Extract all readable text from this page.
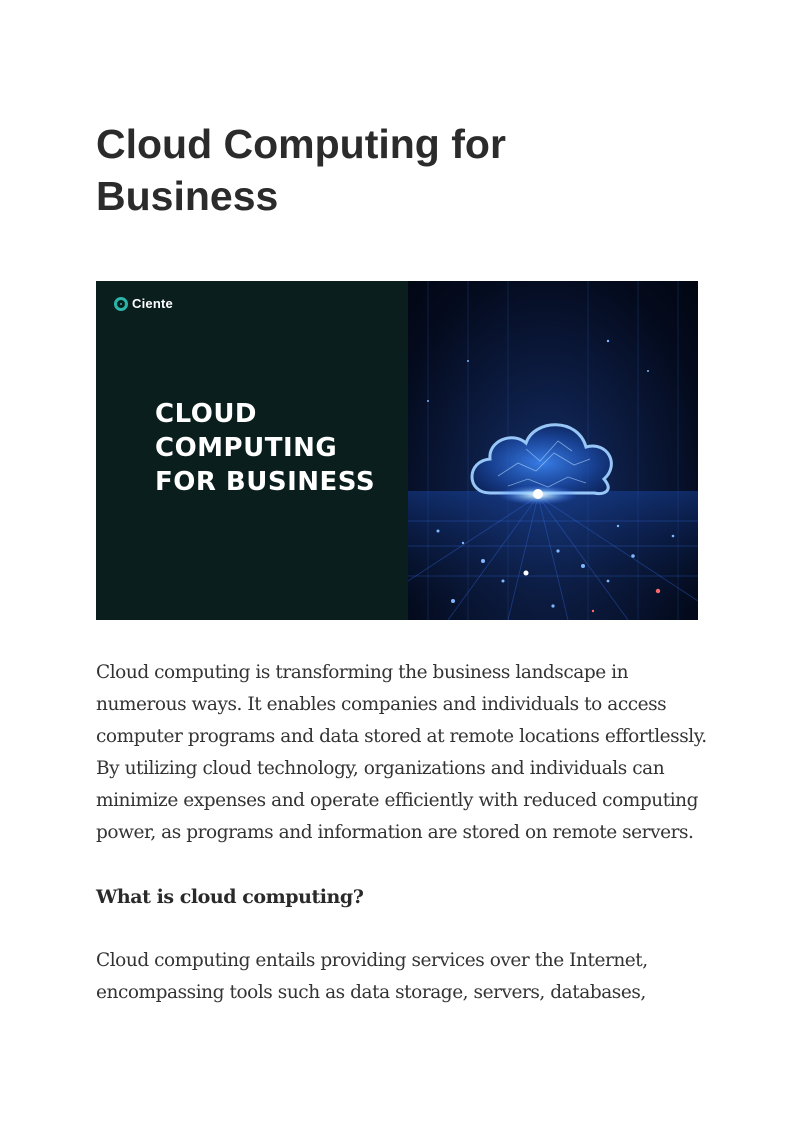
Cloud Computing for
Business
Ciente
CLOUD
COMPUTING
FOR BUSINESS
Cloud computing is transforming the business landscape in
numerous ways. It enables companies and individuals to access
computer programs and data stored at remote locations effortlessly.
By utilizing cloud technology, organizations and individuals can
minimize expenses and operate efficiently with reduced computing
power, as programs and information are stored on remote servers.
What is cloud computing?
Cloud computing entails providing services over the Internet,
encompassing tools such as data storage, servers, databases,
